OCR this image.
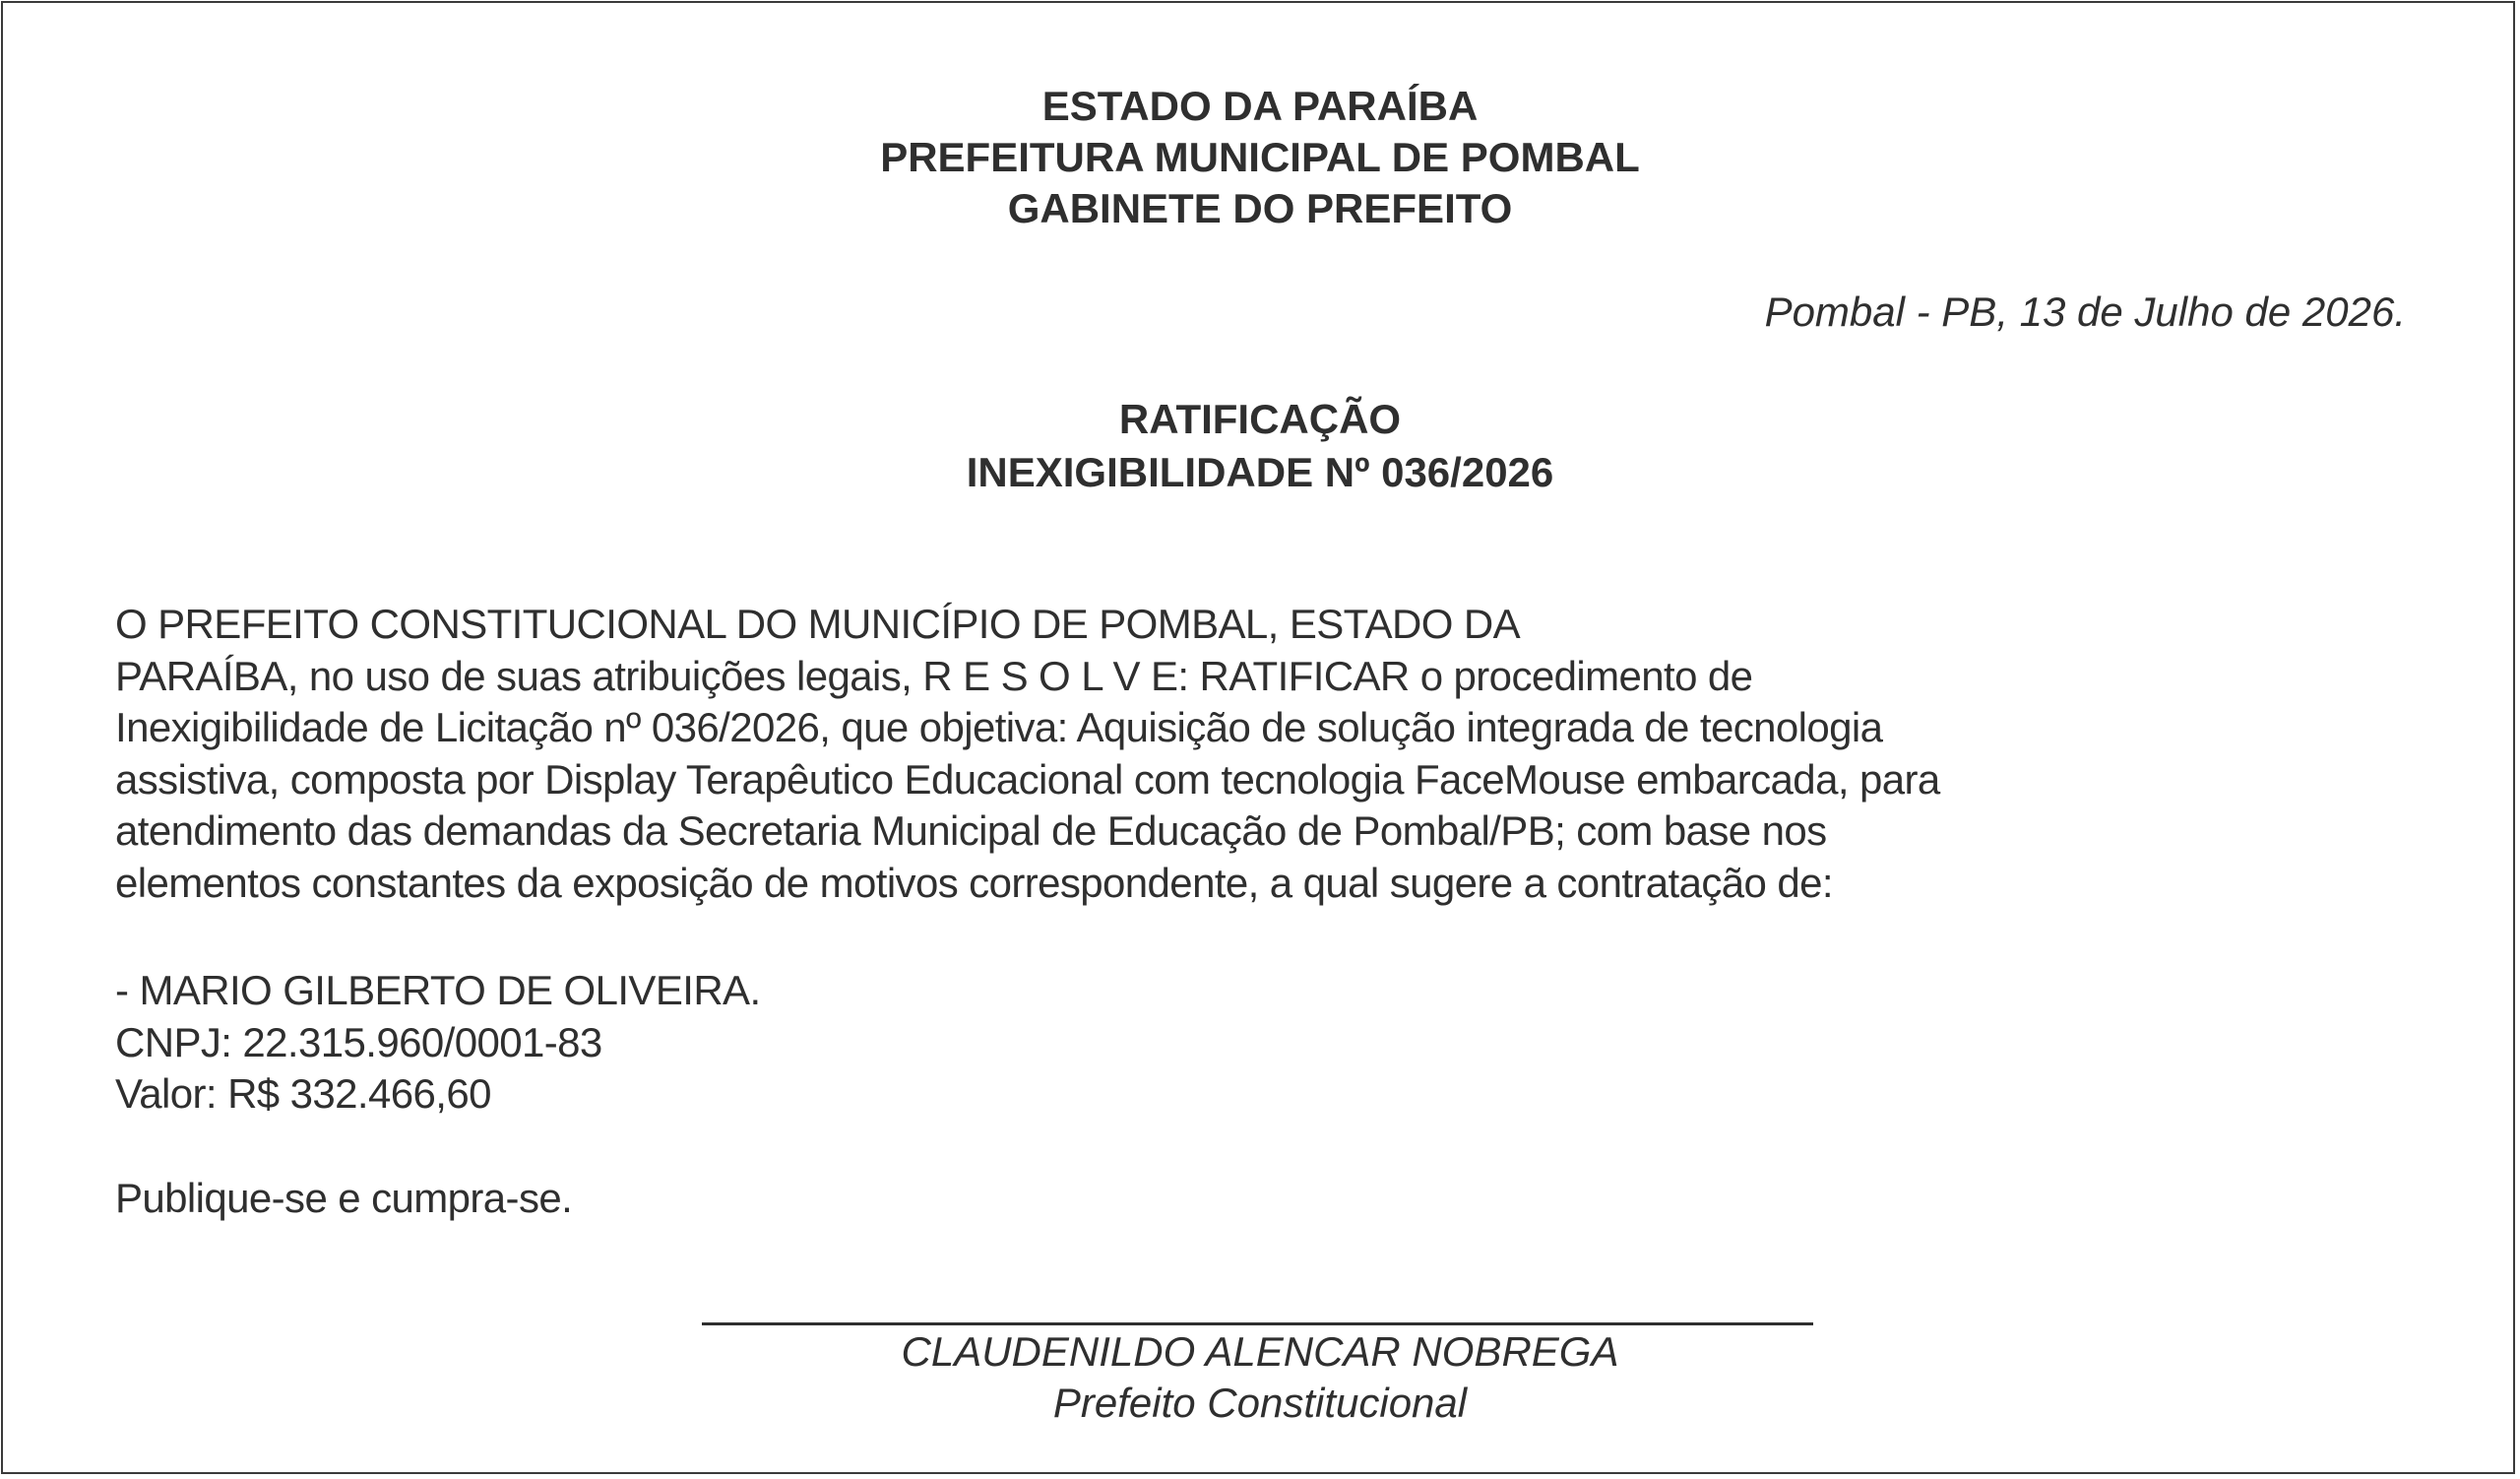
ESTADO DA PARAÍBA
PREFEITURA MUNICIPAL DE POMBAL
GABINETE DO PREFEITO
Pombal - PB, 13 de Julho de 2026.
RATIFICAÇÃO
INEXIGIBILIDADE Nº 036/2026
O PREFEITO CONSTITUCIONAL DO MUNICÍPIO DE POMBAL, ESTADO DA
PARAÍBA, no uso de suas atribuições legais, R E S O L V E: RATIFICAR o procedimento de
Inexigibilidade de Licitação nº 036/2026, que objetiva: Aquisição de solução integrada de tecnologia
assistiva, composta por Display Terapêutico Educacional com tecnologia FaceMouse embarcada, para
atendimento das demandas da Secretaria Municipal de Educação de Pombal/PB; com base nos
elementos constantes da exposição de motivos correspondente, a qual sugere a contratação de:
- MARIO GILBERTO DE OLIVEIRA.
CNPJ: 22.315.960/0001-83
Valor: R$ 332.466,60
Publique-se e cumpra-se.
CLAUDENILDO ALENCAR NOBREGA
Prefeito Constitucional
